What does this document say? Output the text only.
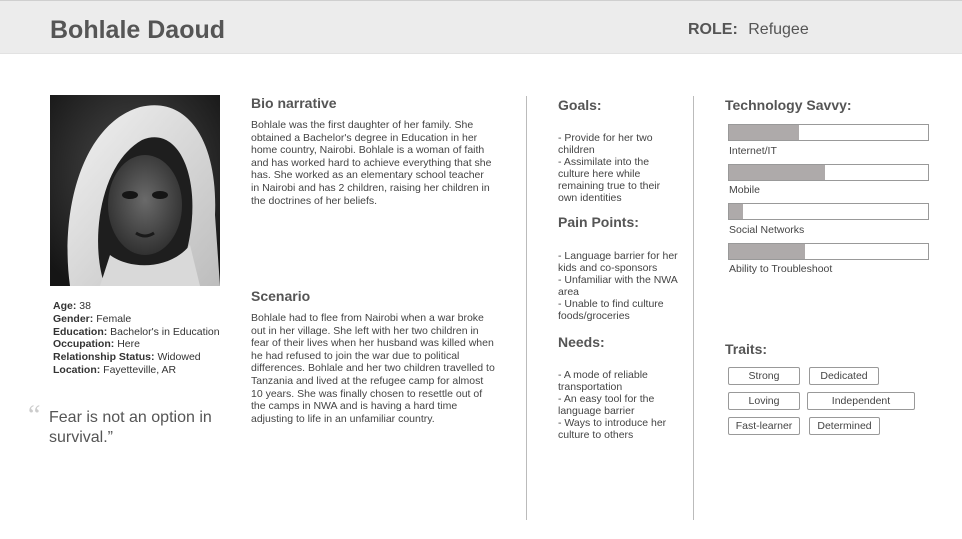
Bohlale Daoud	ROLE: Refugee
Age: 38
Gender: Female
Education: Bachelor's in Education
Occupation: Here
Relationship Status: Widowed
Location: Fayetteville, AR
“ Fear is not an option in survival.”
Bio narrative
Bohlale was the first daughter of her family. She obtained a Bachelor's degree in Education in her home country, Nairobi. Bohlale is a woman of faith and has worked hard to achieve everything that she has. She worked as an elementary school teacher in Nairobi and has 2 children, raising her children in the doctrines of her beliefs.
Scenario
Bohlale had to flee from Nairobi when a war broke out in her village. She left with her two children in fear of their lives when her husband was killed when he had refused to join the war due to political differences. Bohlale and her two children travelled to Tanzania and lived at the refugee camp for almost 10 years. She was finally chosen to resettle out of the camps in NWA and is having a hard time adjusting to life in an unfamiliar country.
Goals:
- Provide for her two children
- Assimilate into the culture here while remaining true to their own identities
Pain Points:
- Language barrier for her kids and co-sponsors
- Unfamiliar with the NWA area
- Unable to find culture foods/groceries
Needs:
- A mode of reliable transportation
- An easy tool for the language barrier
- Ways to introduce her culture to others
Technology Savvy:
Internet/IT
Mobile
Social Networks
Ability to Troubleshoot
Traits:
Strong	Dedicated
Loving	Independent
Fast-learner	Determined
